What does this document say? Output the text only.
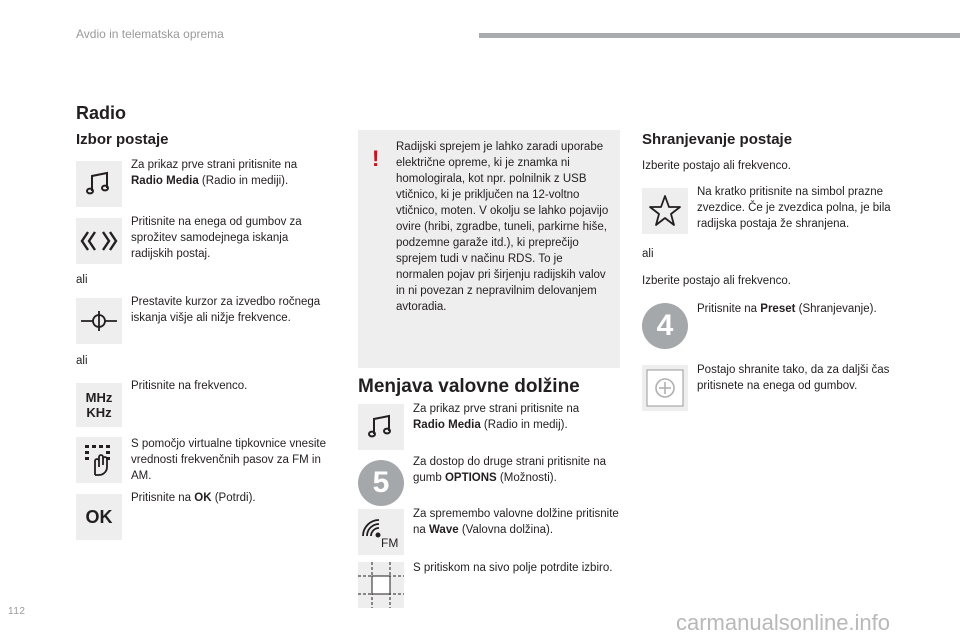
Avdio in telematska oprema
Radio
Izbor postaje
Za prikaz prve strani pritisnite na Radio Media (Radio in mediji).
Pritisnite na enega od gumbov za sprožitev samodejnega iskanja radijskih postaj.
ali
Prestavite kurzor za izvedbo ročnega iskanja višje ali nižje frekvence.
ali
MHz
KHz
Pritisnite na frekvenco.
S pomočjo virtualne tipkovnice vnesite vrednosti frekvenčnih pasov za FM in AM.
OK
Pritisnite na OK (Potrdi).
! Radijski sprejem je lahko zaradi uporabe električne opreme, ki je znamka ni homologirala, kot npr. polnilnik z USB vtičnico, ki je priključen na 12-voltno vtičnico, moten. V okolju se lahko pojavijo ovire (hribi, zgradbe, tuneli, parkirne hiše, podzemne garaže itd.), ki preprečijo sprejem tudi v načinu RDS. To je normalen pojav pri širjenju radijskih valov in ni povezan z nepravilnim delovanjem avtoradia.
Menjava valovne dolžine
Za prikaz prve strani pritisnite na Radio Media (Radio in medij).
5
Za dostop do druge strani pritisnite na gumb OPTIONS (Možnosti).
FM
Za spremembo valovne dolžine pritisnite na Wave (Valovna dolžina).
S pritiskom na sivo polje potrdite izbiro.
Shranjevanje postaje
Izberite postajo ali frekvenco.
Na kratko pritisnite na simbol prazne zvezdice. Če je zvezdica polna, je bila radijska postaja že shranjena.
ali
Izberite postajo ali frekvenco.
4	Pritisnite na Preset (Shranjevanje).
Postajo shranite tako, da za daljši čas pritisnete na enega od gumbov.
112	carmanualsonline.info
